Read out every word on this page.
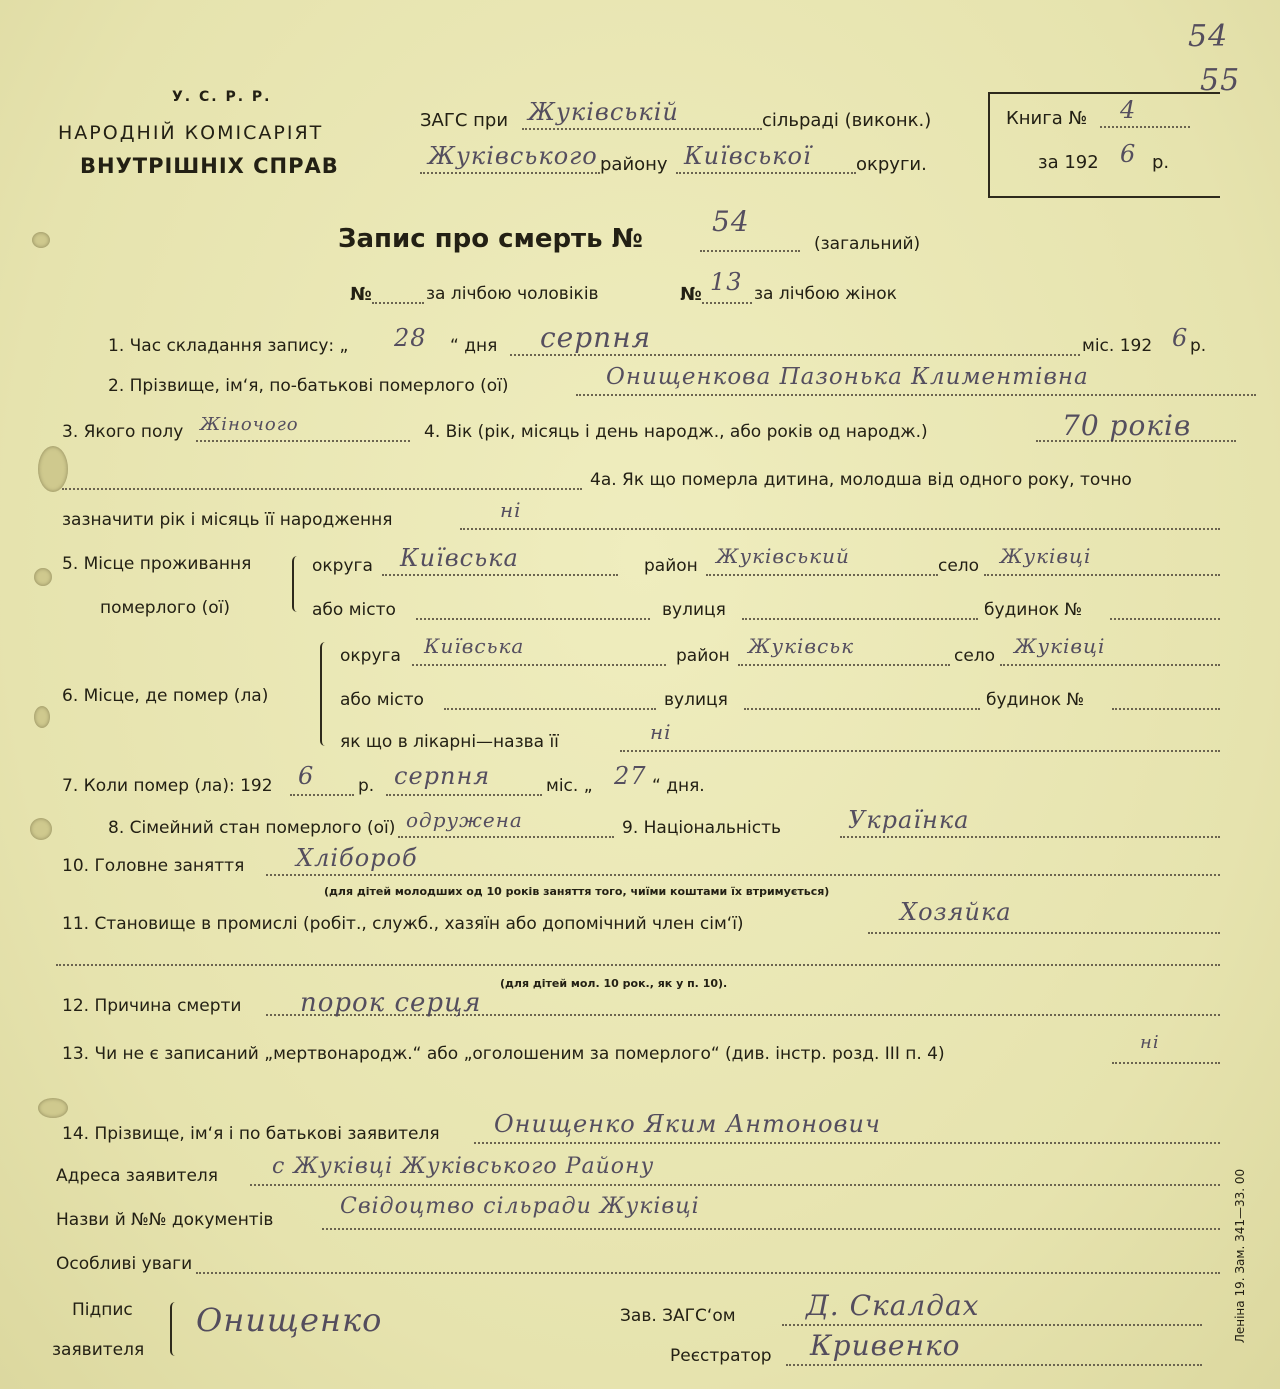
54
55
У. С. Р. Р.
НАРОДНІЙ КОМІСАРІЯТ
ВНУТРІШНІХ СПРАВ
ЗАГС при Жуківській	сільраді (виконк.)
Жуківського району Київської округи.
Книга № 4
за 192 6 р.
Запис про смерть №
54
(загальний)
№	за лічбою чоловіків	№ 13 за лічбою жінок
1. Час складання запису: „ 28 “ дня серпня	міс. 192 6 р.
2. Прізвище, ім‘я, по-батькові померлого (ої)	Онищенкова Пазонька Климентівна
3. Якого полу Жіночого	4. Вік (рік, місяць і день народж., або років од народж.)	70 років
4а. Як що померла дитина, молодша від одного року, точно
зазначити рік і місяць її народження	ні
5. Місце проживання
померлого (ої)
округа Київська	район Жуківський	село Жуківці
або місто	вулиця	будинок №
6. Місце, де помер (ла)
округа Київська	район Жуківськ	село Жуківці
або місто	вулиця	будинок №
як що в лікарні—назва її	ні
7. Коли помер (ла): 192 6	р. серпня	міс. „ 27 “ дня.
8. Сімейний стан померлого (ої) одружена	9. Національність	Українка
10. Головне заняття Хлібороб
(для дітей молодших од 10 років заняття того, чиїми коштами їх втримується)
11. Становище в промислі (робіт., служб., хазяїн або допомічний член сім‘ї)	Хозяйка
(для дітей мол. 10 рок., як у п. 10).
12. Причина смерти порок серця
13. Чи не є записаний „мертвонародж.“ або „оголошеним за померлого“ (див. інстр. розд. III п. 4)
ні
14. Прізвище, ім‘я і по батькові заявителя Онищенко Яким Антонович
Адреса заявителя с Жуківці Жуківського Району
Назви й №№ документів
Свідоцтво сільради Жуківці
Особливі уваги
Підпис
заявителя
Онищенко	Зав. ЗАГС‘ом	Д. Скалдах
Реєстратор Кривенко
Леніна 19. Зам. 341—33. 00
